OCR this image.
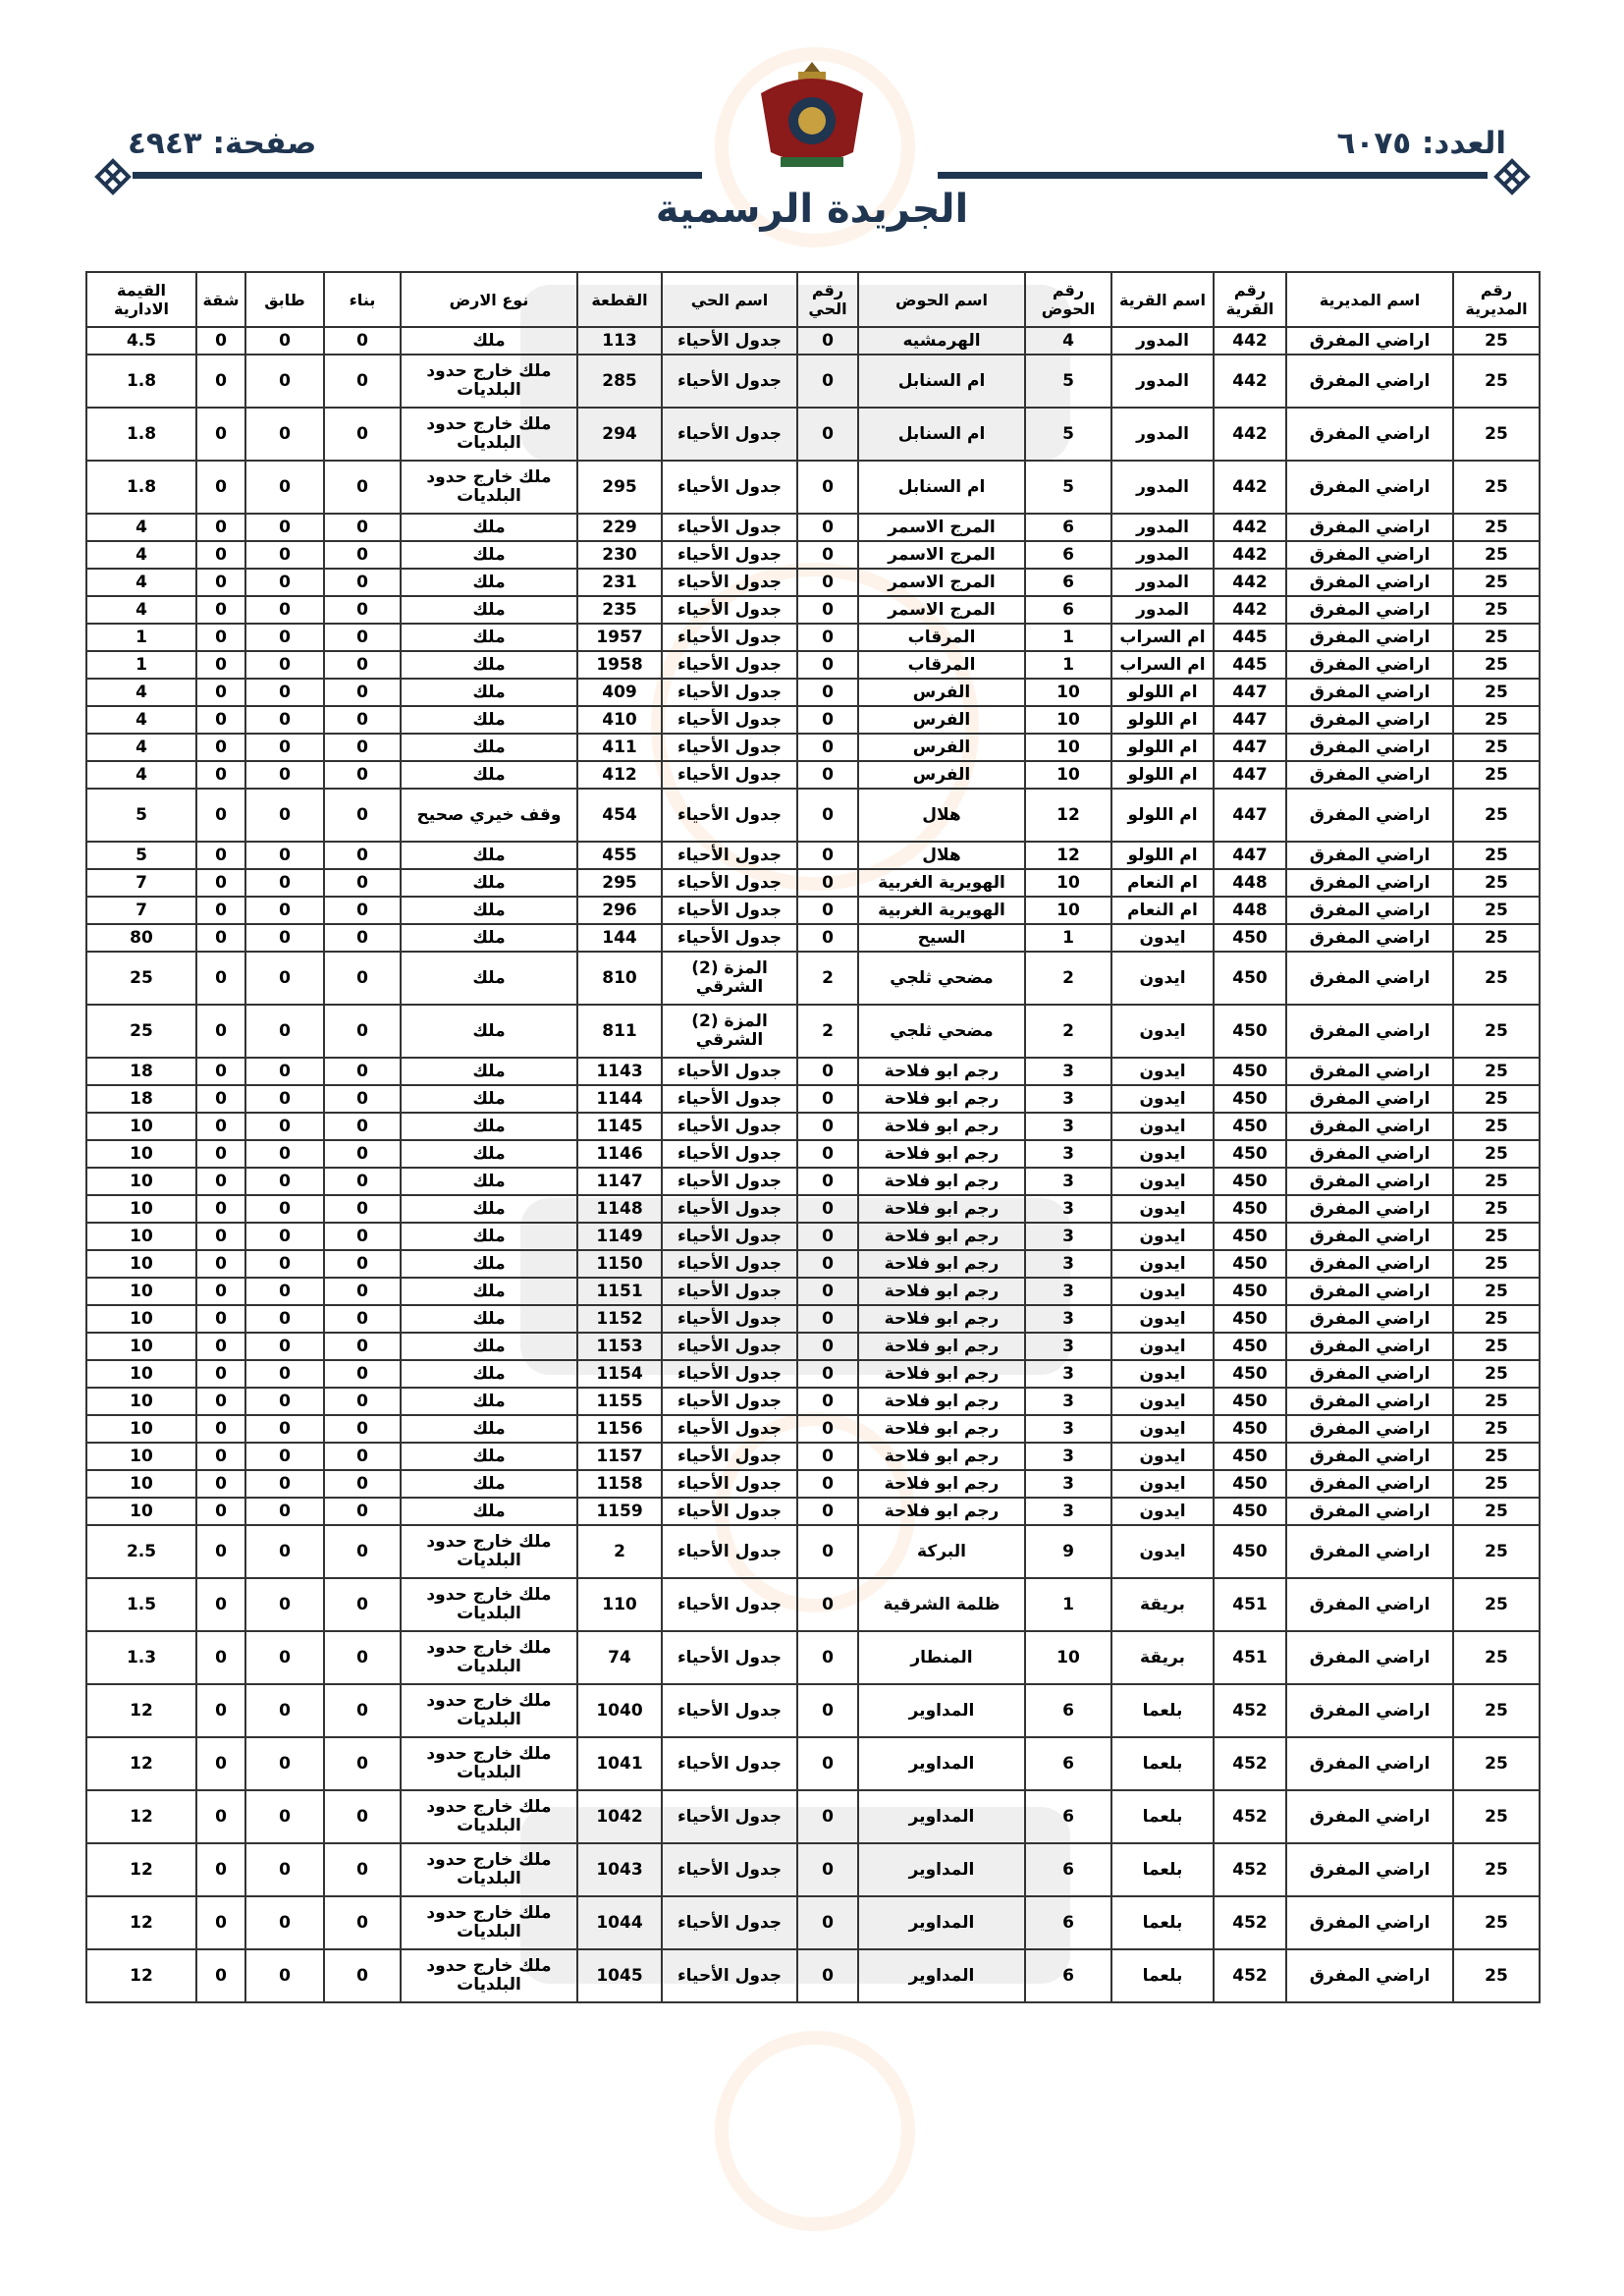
العدد: ٦٠٧٥
صفحة: ٤٩٤٣
الجريدة الرسمية
رقم المديرية	اسم المديرية	رقم القرية	اسم القرية	رقم الحوض	اسم الحوض	رقم الحي	اسم الحي	القطعة	نوع الارض	بناء	طابق	شقة	القيمة الادارية
25	اراضي المفرق	442	المدور	4	الهرمشيه	0	جدول الأحياء	113	ملك	0	0	0	4.5
25	اراضي المفرق	442	المدور	5	ام السنابل	0	جدول الأحياء	285	ملك خارج حدود البلديات	0	0	0	1.8
25	اراضي المفرق	442	المدور	5	ام السنابل	0	جدول الأحياء	294	ملك خارج حدود البلديات	0	0	0	1.8
25	اراضي المفرق	442	المدور	5	ام السنابل	0	جدول الأحياء	295	ملك خارج حدود البلديات	0	0	0	1.8
25	اراضي المفرق	442	المدور	6	المرج الاسمر	0	جدول الأحياء	229	ملك	0	0	0	4
25	اراضي المفرق	442	المدور	6	المرج الاسمر	0	جدول الأحياء	230	ملك	0	0	0	4
25	اراضي المفرق	442	المدور	6	المرج الاسمر	0	جدول الأحياء	231	ملك	0	0	0	4
25	اراضي المفرق	442	المدور	6	المرج الاسمر	0	جدول الأحياء	235	ملك	0	0	0	4
25	اراضي المفرق	445	ام السراب	1	المرقاب	0	جدول الأحياء	1957	ملك	0	0	0	1
25	اراضي المفرق	445	ام السراب	1	المرقاب	0	جدول الأحياء	1958	ملك	0	0	0	1
25	اراضي المفرق	447	ام اللولو	10	الفرس	0	جدول الأحياء	409	ملك	0	0	0	4
25	اراضي المفرق	447	ام اللولو	10	الفرس	0	جدول الأحياء	410	ملك	0	0	0	4
25	اراضي المفرق	447	ام اللولو	10	الفرس	0	جدول الأحياء	411	ملك	0	0	0	4
25	اراضي المفرق	447	ام اللولو	10	الفرس	0	جدول الأحياء	412	ملك	0	0	0	4
25	اراضي المفرق	447	ام اللولو	12	هلال	0	جدول الأحياء	454	وقف خيري صحيح	0	0	0	5
25	اراضي المفرق	447	ام اللولو	12	هلال	0	جدول الأحياء	455	ملك	0	0	0	5
25	اراضي المفرق	448	ام النعام	10	الهويرية الغربية	0	جدول الأحياء	295	ملك	0	0	0	7
25	اراضي المفرق	448	ام النعام	10	الهويرية الغربية	0	جدول الأحياء	296	ملك	0	0	0	7
25	اراضي المفرق	450	ايدون	1	السيح	0	جدول الأحياء	144	ملك	0	0	0	80
25	اراضي المفرق	450	ايدون	2	مضحي ثلجي	2	المزة (2) الشرقي	810	ملك	0	0	0	25
25	اراضي المفرق	450	ايدون	2	مضحي ثلجي	2	المزة (2) الشرقي	811	ملك	0	0	0	25
25	اراضي المفرق	450	ايدون	3	رجم ابو فلاحة	0	جدول الأحياء	1143	ملك	0	0	0	18
25	اراضي المفرق	450	ايدون	3	رجم ابو فلاحة	0	جدول الأحياء	1144	ملك	0	0	0	18
25	اراضي المفرق	450	ايدون	3	رجم ابو فلاحة	0	جدول الأحياء	1145	ملك	0	0	0	10
25	اراضي المفرق	450	ايدون	3	رجم ابو فلاحة	0	جدول الأحياء	1146	ملك	0	0	0	10
25	اراضي المفرق	450	ايدون	3	رجم ابو فلاحة	0	جدول الأحياء	1147	ملك	0	0	0	10
25	اراضي المفرق	450	ايدون	3	رجم ابو فلاحة	0	جدول الأحياء	1148	ملك	0	0	0	10
25	اراضي المفرق	450	ايدون	3	رجم ابو فلاحة	0	جدول الأحياء	1149	ملك	0	0	0	10
25	اراضي المفرق	450	ايدون	3	رجم ابو فلاحة	0	جدول الأحياء	1150	ملك	0	0	0	10
25	اراضي المفرق	450	ايدون	3	رجم ابو فلاحة	0	جدول الأحياء	1151	ملك	0	0	0	10
25	اراضي المفرق	450	ايدون	3	رجم ابو فلاحة	0	جدول الأحياء	1152	ملك	0	0	0	10
25	اراضي المفرق	450	ايدون	3	رجم ابو فلاحة	0	جدول الأحياء	1153	ملك	0	0	0	10
25	اراضي المفرق	450	ايدون	3	رجم ابو فلاحة	0	جدول الأحياء	1154	ملك	0	0	0	10
25	اراضي المفرق	450	ايدون	3	رجم ابو فلاحة	0	جدول الأحياء	1155	ملك	0	0	0	10
25	اراضي المفرق	450	ايدون	3	رجم ابو فلاحة	0	جدول الأحياء	1156	ملك	0	0	0	10
25	اراضي المفرق	450	ايدون	3	رجم ابو فلاحة	0	جدول الأحياء	1157	ملك	0	0	0	10
25	اراضي المفرق	450	ايدون	3	رجم ابو فلاحة	0	جدول الأحياء	1158	ملك	0	0	0	10
25	اراضي المفرق	450	ايدون	3	رجم ابو فلاحة	0	جدول الأحياء	1159	ملك	0	0	0	10
25	اراضي المفرق	450	ايدون	9	البركة	0	جدول الأحياء	2	ملك خارج حدود البلديات	0	0	0	2.5
25	اراضي المفرق	451	بريقة	1	ظلمة الشرقية	0	جدول الأحياء	110	ملك خارج حدود البلديات	0	0	0	1.5
25	اراضي المفرق	451	بريقة	10	المنطار	0	جدول الأحياء	74	ملك خارج حدود البلديات	0	0	0	1.3
25	اراضي المفرق	452	بلعما	6	المداوير	0	جدول الأحياء	1040	ملك خارج حدود البلديات	0	0	0	12
25	اراضي المفرق	452	بلعما	6	المداوير	0	جدول الأحياء	1041	ملك خارج حدود البلديات	0	0	0	12
25	اراضي المفرق	452	بلعما	6	المداوير	0	جدول الأحياء	1042	ملك خارج حدود البلديات	0	0	0	12
25	اراضي المفرق	452	بلعما	6	المداوير	0	جدول الأحياء	1043	ملك خارج حدود البلديات	0	0	0	12
25	اراضي المفرق	452	بلعما	6	المداوير	0	جدول الأحياء	1044	ملك خارج حدود البلديات	0	0	0	12
25	اراضي المفرق	452	بلعما	6	المداوير	0	جدول الأحياء	1045	ملك خارج حدود البلديات	0	0	0	12
